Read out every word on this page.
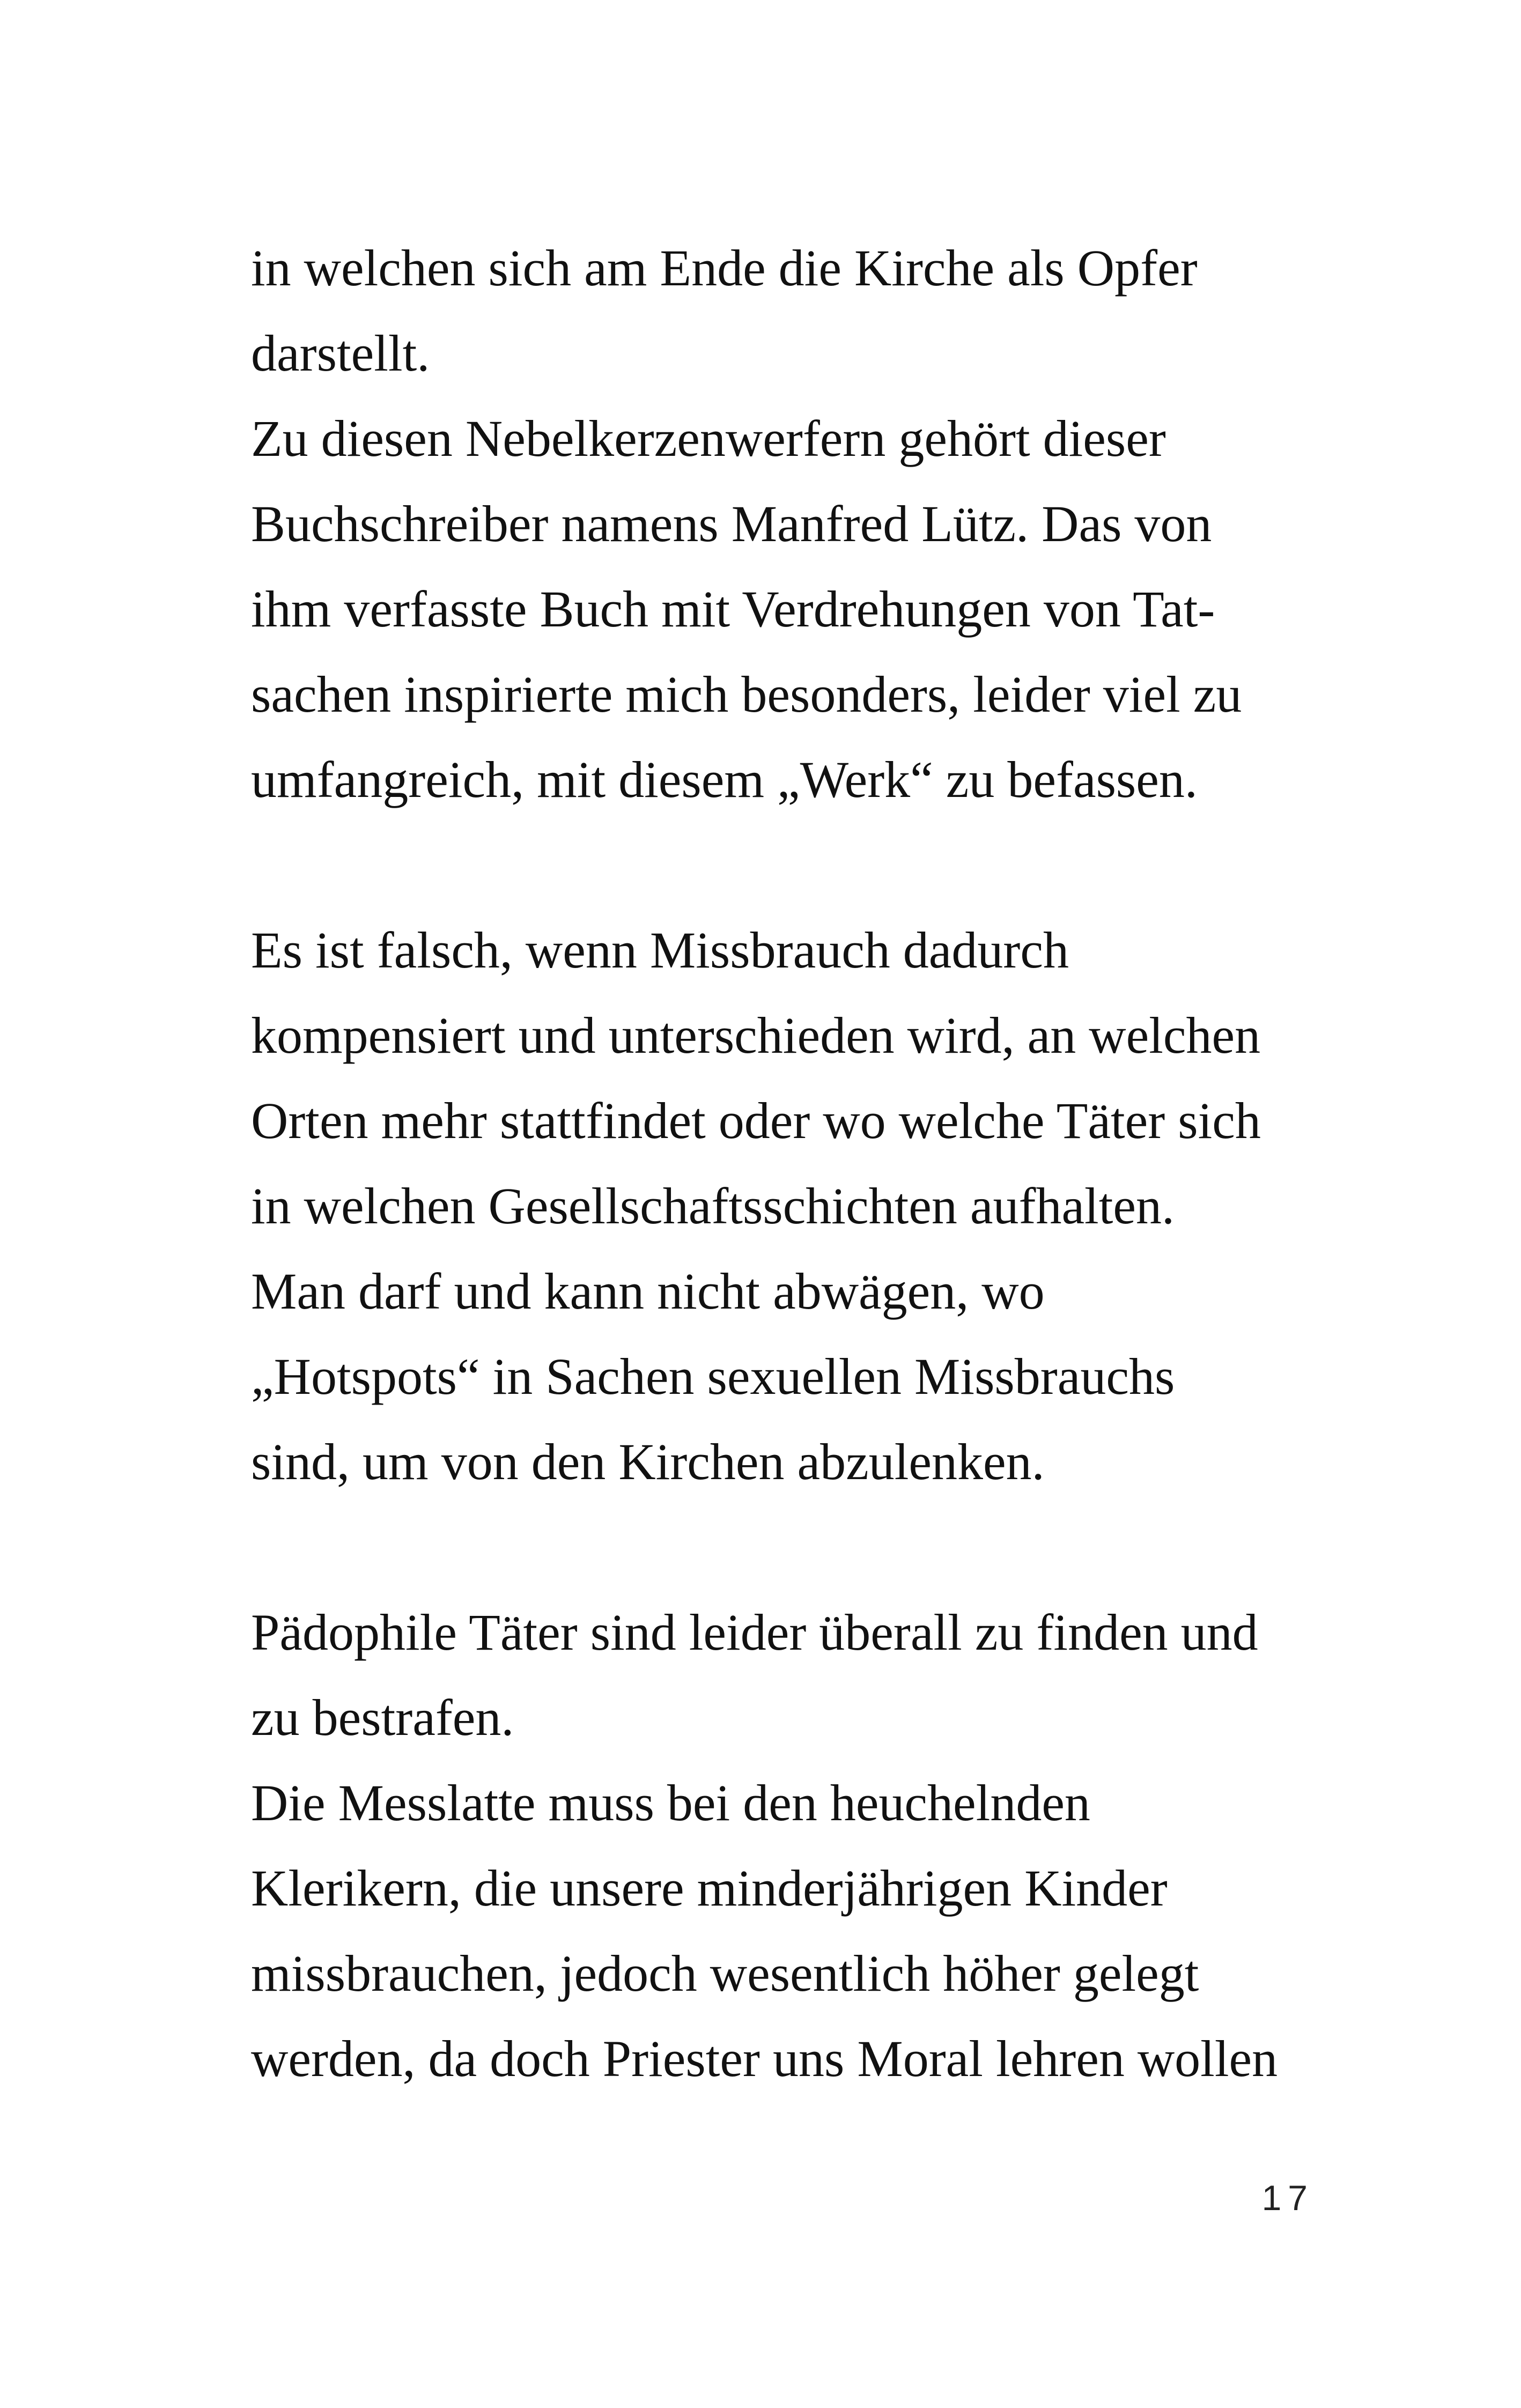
in welchen sich am Ende die Kirche als Opfer
darstellt.
Zu diesen Nebelkerzenwerfern gehört dieser
Buchschreiber namens Manfred Lütz. Das von
ihm verfasste Buch mit Verdrehungen von Tat-
sachen inspirierte mich besonders, leider viel zu
umfangreich, mit diesem „Werk“ zu befassen.
Es ist falsch, wenn Missbrauch dadurch
kompensiert und unterschieden wird, an welchen
Orten mehr stattfindet oder wo welche Täter sich
in welchen Gesellschaftsschichten aufhalten.
Man darf und kann nicht abwägen, wo
„Hotspots“ in Sachen sexuellen Missbrauchs
sind, um von den Kirchen abzulenken.
Pädophile Täter sind leider überall zu finden und
zu bestrafen.
Die Messlatte muss bei den heuchelnden
Klerikern, die unsere minderjährigen Kinder
missbrauchen, jedoch wesentlich höher gelegt
werden, da doch Priester uns Moral lehren wollen
17
